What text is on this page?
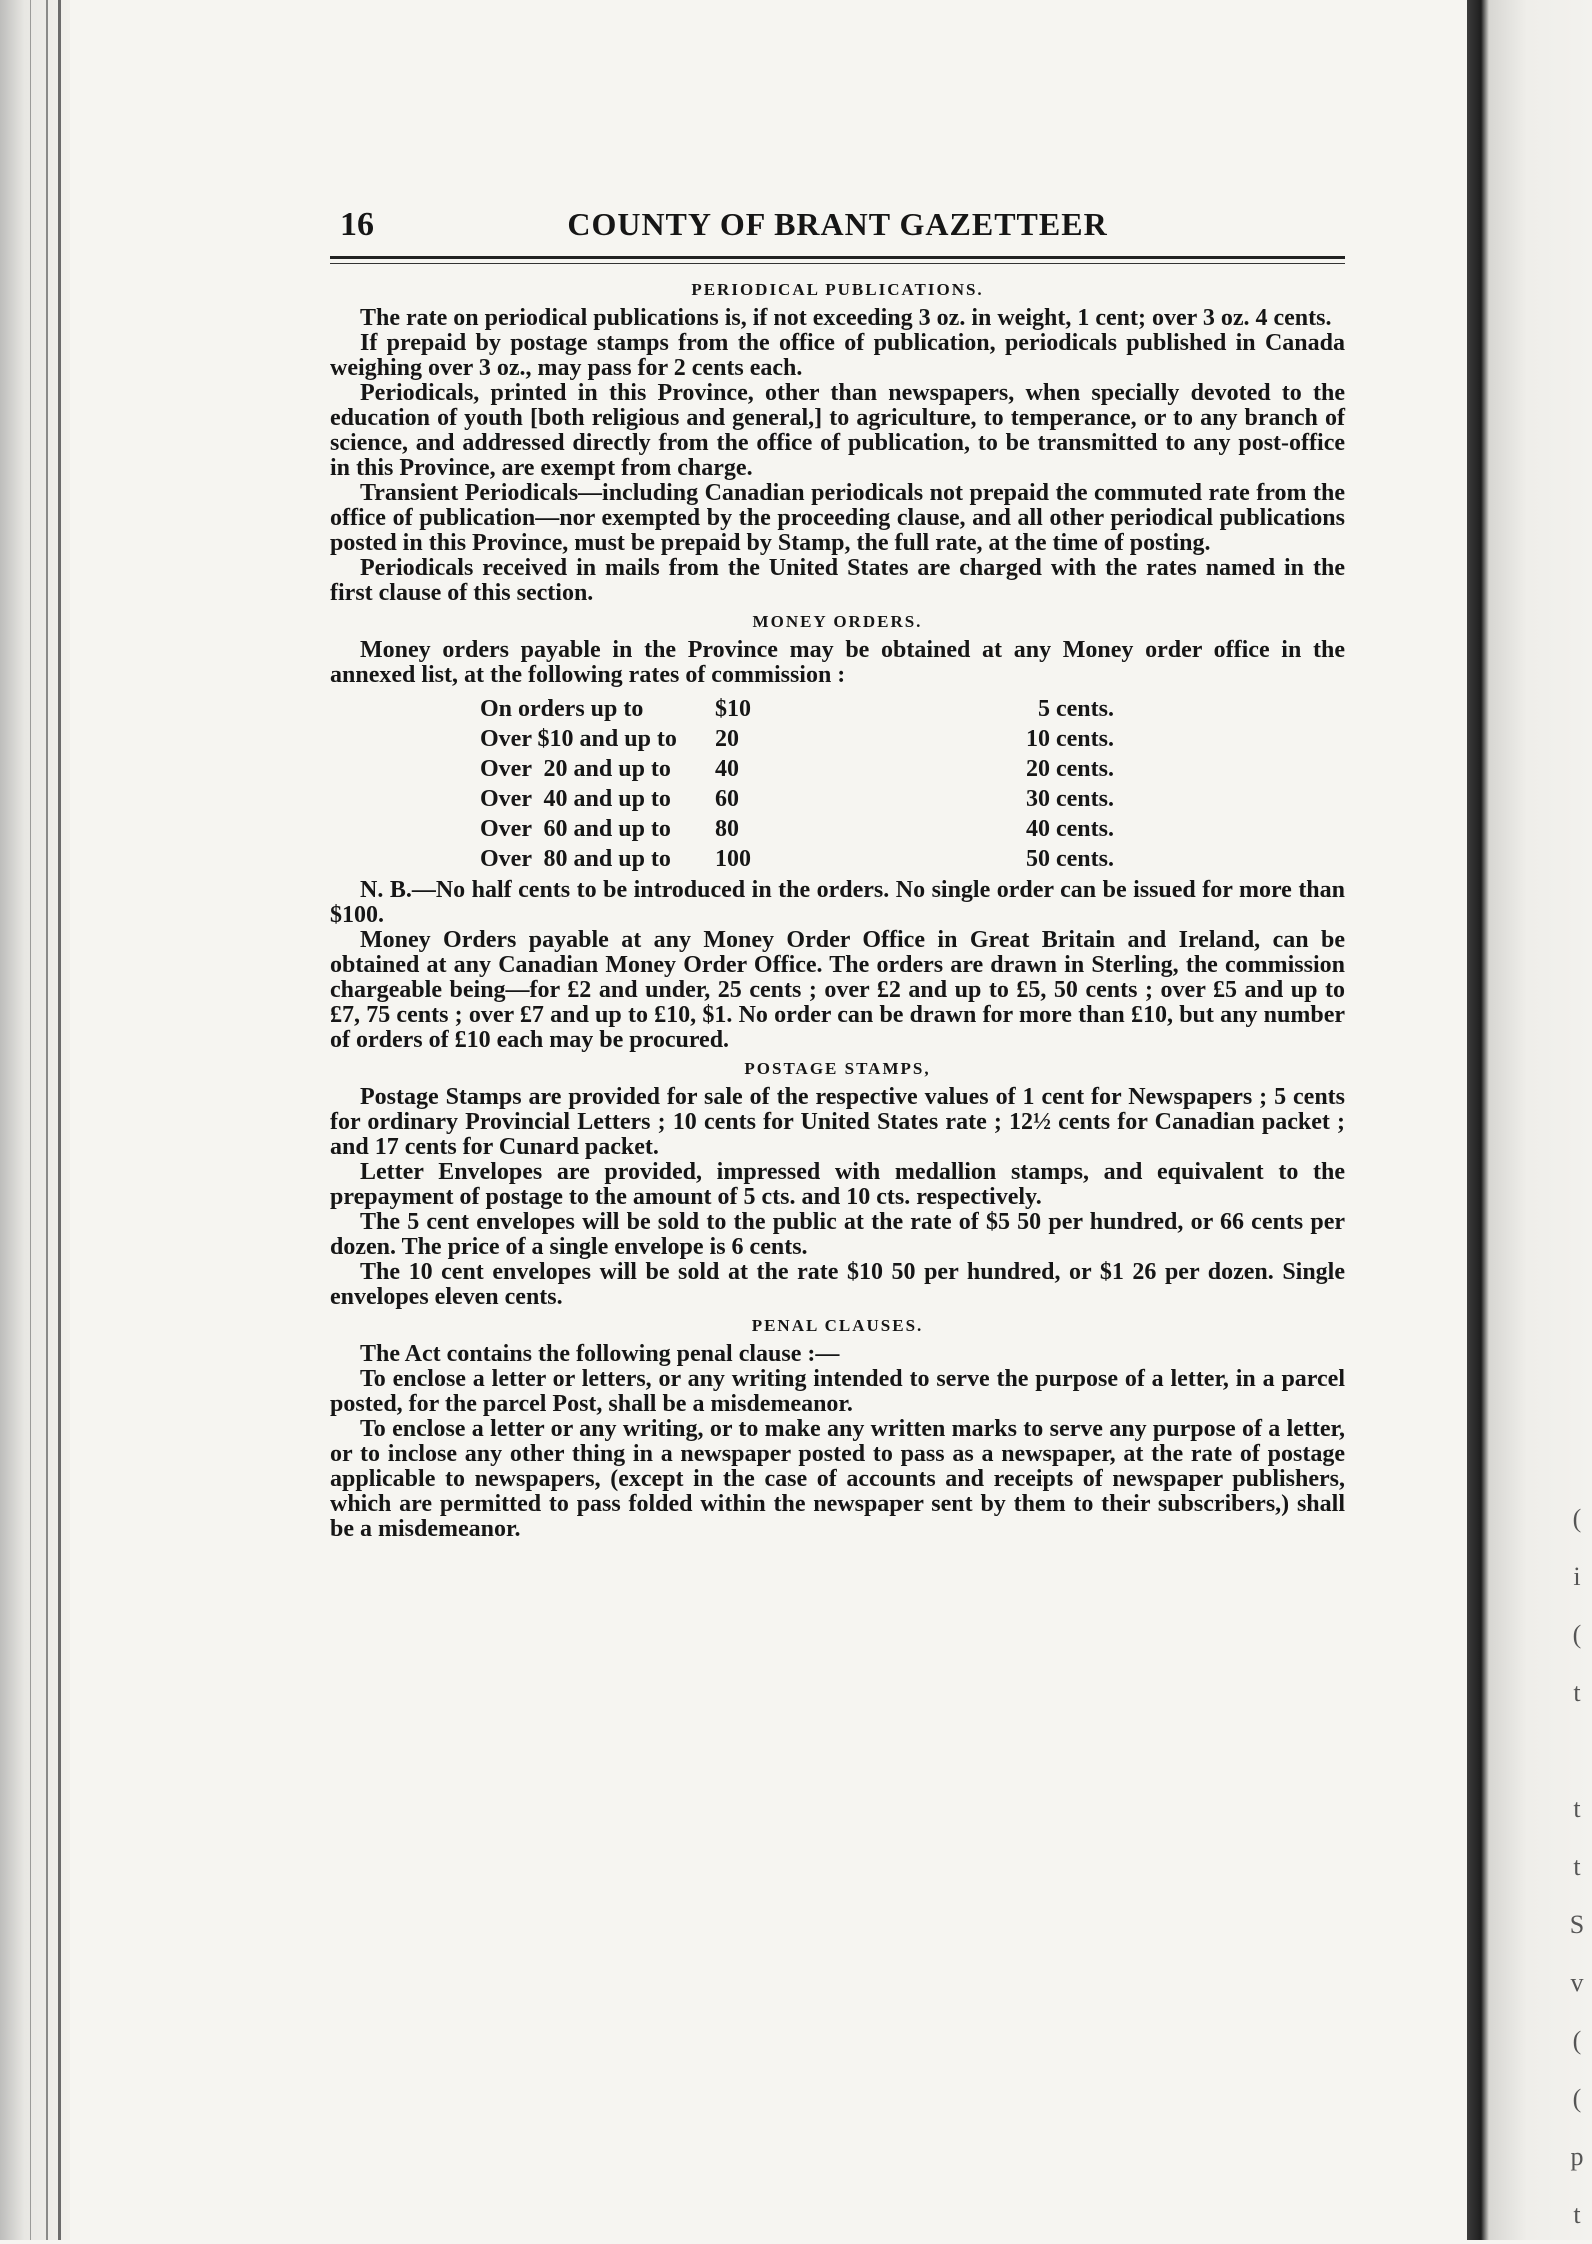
(
i
(
t

t
t
S
v
(
(
p
t
16	COUNTY OF BRANT GAZETTEER
PERIODICAL PUBLICATIONS.

The rate on periodical publications is, if not exceeding 3 oz. in weight, 1 cent; over 3 oz. 4 cents.

If prepaid by postage stamps from the office of publication, periodicals published in Canada weighing over 3 oz., may pass for 2 cents each.

Periodicals, printed in this Province, other than newspapers, when specially devoted to the education of youth [both religious and general,] to agriculture, to temperance, or to any branch of science, and addressed directly from the office of publication, to be transmitted to any post-office in this Province, are exempt from charge.

Transient Periodicals—including Canadian periodicals not prepaid the commuted rate from the office of publication—nor exempted by the proceeding clause, and all other periodical publications posted in this Province, must be prepaid by Stamp, the full rate, at the time of posting.

Periodicals received in mails from the United States are charged with the rates named in the first clause of this section.

MONEY ORDERS.

Money orders payable in the Province may be obtained at any Money order office in the annexed list, at the following rates of commission :

On orders up to	$10	5 cents.
Over $10 and up to	20	10 cents.
Over  20 and up to	40	20 cents.
Over  40 and up to	60	30 cents.
Over  60 and up to	80	40 cents.
Over  80 and up to	100	50 cents.

N. B.—No half cents to be introduced in the orders. No single order can be issued for more than $100.

Money Orders payable at any Money Order Office in Great Britain and Ireland, can be obtained at any Canadian Money Order Office. The orders are drawn in Sterling, the commission chargeable being—for £2 and under, 25 cents ; over £2 and up to £5, 50 cents ; over £5 and up to £7, 75 cents ; over £7 and up to £10, $1. No order can be drawn for more than £10, but any number of orders of £10 each may be procured.

POSTAGE STAMPS,

Postage Stamps are provided for sale of the respective values of 1 cent for Newspapers ; 5 cents for ordinary Provincial Letters ; 10 cents for United States rate ; 12½ cents for Canadian packet ; and 17 cents for Cunard packet.

Letter Envelopes are provided, impressed with medallion stamps, and equivalent to the prepayment of postage to the amount of 5 cts. and 10 cts. respectively.

The 5 cent envelopes will be sold to the public at the rate of $5 50 per hundred, or 66 cents per dozen. The price of a single envelope is 6 cents.

The 10 cent envelopes will be sold at the rate $10 50 per hundred, or $1 26 per dozen. Single envelopes eleven cents.

PENAL CLAUSES.

The Act contains the following penal clause :—

To enclose a letter or letters, or any writing intended to serve the purpose of a letter, in a parcel posted, for the parcel Post, shall be a misdemeanor.

To enclose a letter or any writing, or to make any written marks to serve any purpose of a letter, or to inclose any other thing in a newspaper posted to pass as a newspaper, at the rate of postage applicable to newspapers, (except in the case of accounts and receipts of newspaper publishers, which are permitted to pass folded within the newspaper sent by them to their subscribers,) shall be a misdemeanor.
